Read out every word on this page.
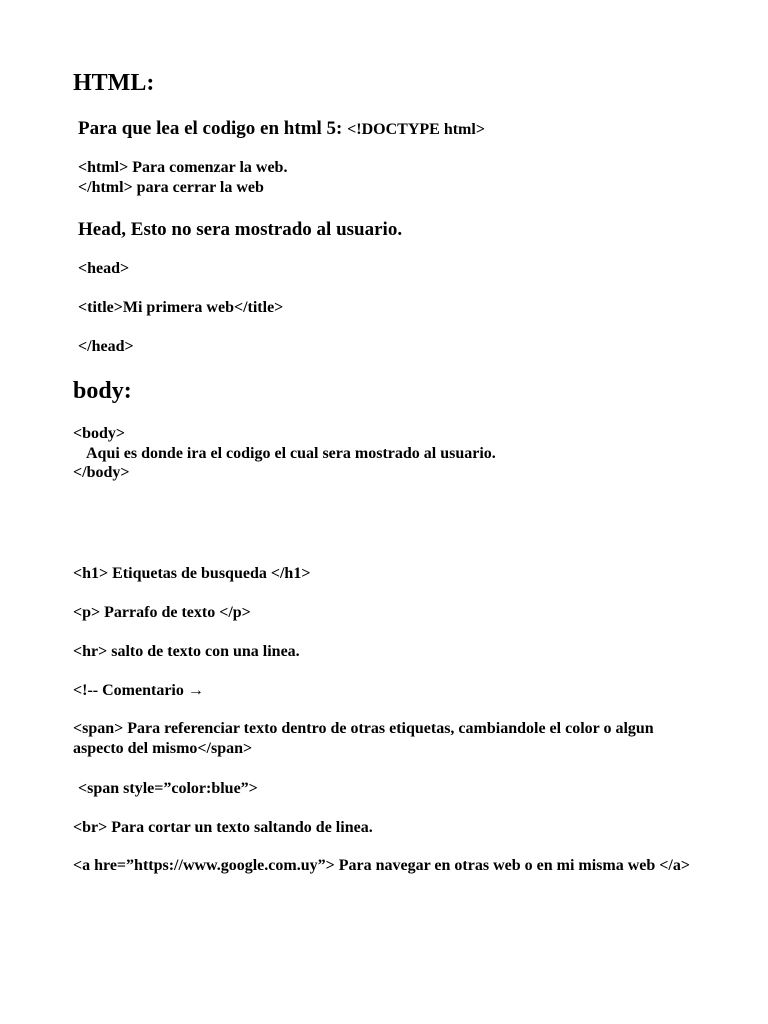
HTML:

Para que lea el codigo en html 5: <!DOCTYPE html>

<html> Para comenzar la web.

</html> para cerrar la web

Head, Esto no sera mostrado al usuario.

<head>

<title>Mi primera web</title>

</head>

body:

<body>

Aqui es donde ira el codigo el cual sera mostrado al usuario.

</body>

<h1> Etiquetas de busqueda </h1>

<p> Parrafo de texto </p>

<hr> salto de texto con una linea.

<!-- Comentario →

<span> Para referenciar texto dentro de otras etiquetas, cambiandole el color o algun aspecto del mismo</span>

<span style=”color:blue”>

<br> Para cortar un texto saltando de linea.

<a hre=”https://www.google.com.uy”> Para navegar en otras web o en mi misma web </a>
